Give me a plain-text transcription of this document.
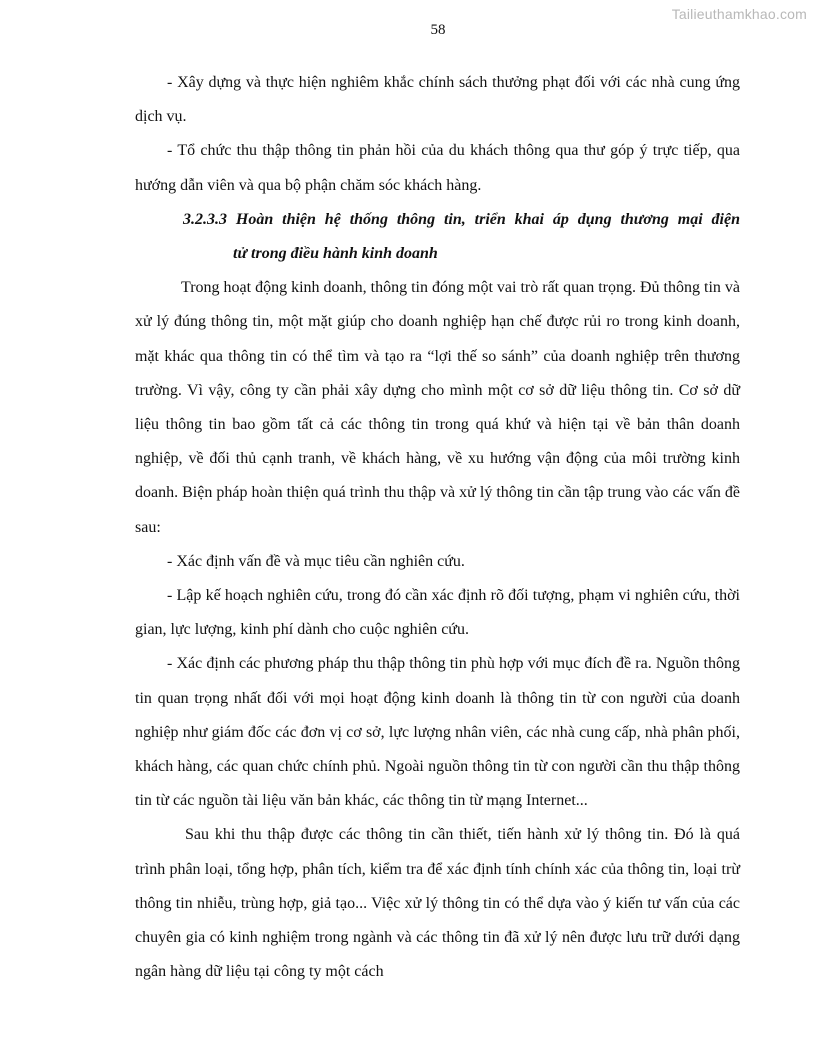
Tailieuthamkhao.com
58

- Xây dựng và thực hiện nghiêm khắc chính sách thưởng phạt đối với các nhà cung ứng dịch vụ.

- Tổ chức thu thập thông tin phản hồi của du khách thông qua thư góp ý trực tiếp, qua hướng dẫn viên và qua bộ phận chăm sóc khách hàng.

3.2.3.3 Hoàn thiện hệ thống thông tin, triển khai áp dụng thương mại điện
tử trong điều hành kinh doanh

Trong hoạt động kinh doanh, thông tin đóng một vai trò rất quan trọng. Đủ thông tin và xử lý đúng thông tin, một mặt giúp cho doanh nghiệp hạn chế được rủi ro trong kinh doanh, mặt khác qua thông tin có thể tìm và tạo ra “lợi thế so sánh” của doanh nghiệp trên thương trường. Vì vậy, công ty cần phải xây dựng cho mình một cơ sở dữ liệu thông tin. Cơ sở dữ liệu thông tin bao gồm tất cả các thông tin trong quá khứ và hiện tại về bản thân doanh nghiệp, về đối thủ cạnh tranh, về khách hàng, về xu hướng vận động của môi trường kinh doanh. Biện pháp hoàn thiện quá trình thu thập và xử lý thông tin cần tập trung vào các vấn đề sau:

- Xác định vấn đề và mục tiêu cần nghiên cứu.

- Lập kế hoạch nghiên cứu, trong đó cần xác định rõ đối tượng, phạm vi nghiên cứu, thời gian, lực lượng, kinh phí dành cho cuộc nghiên cứu.

- Xác định các phương pháp thu thập thông tin phù hợp với mục đích đề ra. Nguồn thông tin quan trọng nhất đối với mọi hoạt động kinh doanh là thông tin từ con người của doanh nghiệp như giám đốc các đơn vị cơ sở, lực lượng nhân viên, các nhà cung cấp, nhà phân phối, khách hàng, các quan chức chính phủ. Ngoài nguồn thông tin từ con người cần thu thập thông tin từ các nguồn tài liệu văn bản khác, các thông tin từ mạng Internet...

Sau khi thu thập được các thông tin cần thiết, tiến hành xử lý thông tin. Đó là quá trình phân loại, tổng hợp, phân tích, kiểm tra để xác định tính chính xác của thông tin, loại trừ thông tin nhiễu, trùng hợp, giả tạo... Việc xử lý thông tin có thể dựa vào ý kiến tư vấn của các chuyên gia có kinh nghiệm trong ngành và các thông tin đã xử lý nên được lưu trữ dưới dạng ngân hàng dữ liệu tại công ty một cách
